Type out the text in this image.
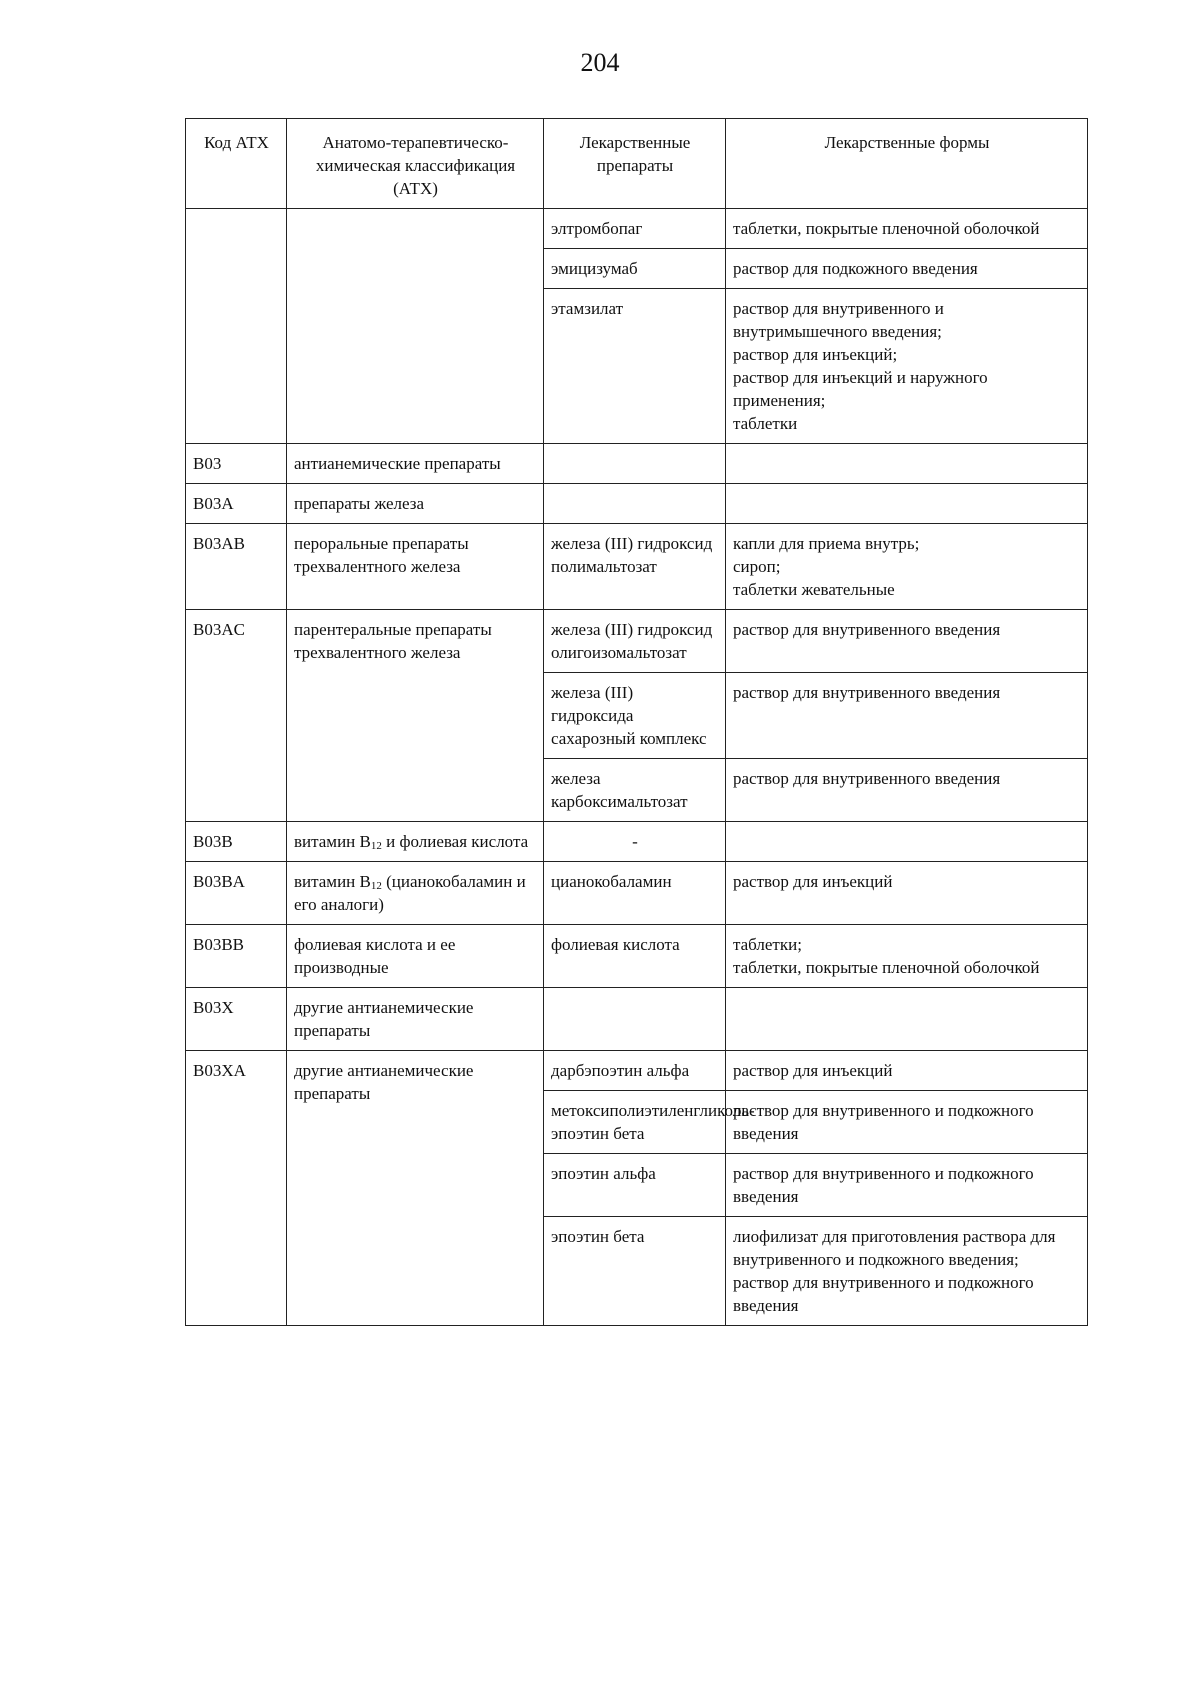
204
Код АТХ	Анатомо-терапевтическо-химическая классификация (АТХ)	Лекарственные препараты	Лекарственные формы
		элтромбопаг	таблетки, покрытые пленочной оболочкой

		эмицизумаб	раствор для подкожного введения

		этамзилат	раствор для внутривенного и внутримышечного введения;
раствор для инъекций;
раствор для инъекций и наружного применения;
таблетки

B03	антианемические препараты		
B03A	препараты железа		
B03AB	пероральные препараты трехвалентного железа	железа (III) гидроксид полимальтозат	капли для приема внутрь;
сироп;
таблетки жевательные

B03AC	парентеральные препараты трехвалентного железа	железа (III) гидроксид олигоизомальтозат	раствор для внутривенного введения

		железа (III) гидроксида сахарозный комплекс	раствор для внутривенного введения

		железа карбоксимальтозат	раствор для внутривенного введения

B03B	витамин $B_{12}$ и фолиевая кислота	-	
B03BA	витамин $B_{12}$ (цианокобаламин и его аналоги)	цианокобаламин	раствор для инъекций

B03BB	фолиевая кислота и ее производные	фолиевая кислота	таблетки;
таблетки, покрытые пленочной оболочкой

B03X	другие антианемические препараты		
B03XA	другие антианемические препараты	дарбэпоэтин альфа	раствор для инъекций

		метоксиполиэтиленгликоль-эпоэтин бета	раствор для внутривенного и подкожного введения

		эпоэтин альфа	раствор для внутривенного и подкожного введения

		эпоэтин бета	лиофилизат для приготовления раствора для внутривенного и подкожного введения;
раствор для внутривенного и подкожного введения
